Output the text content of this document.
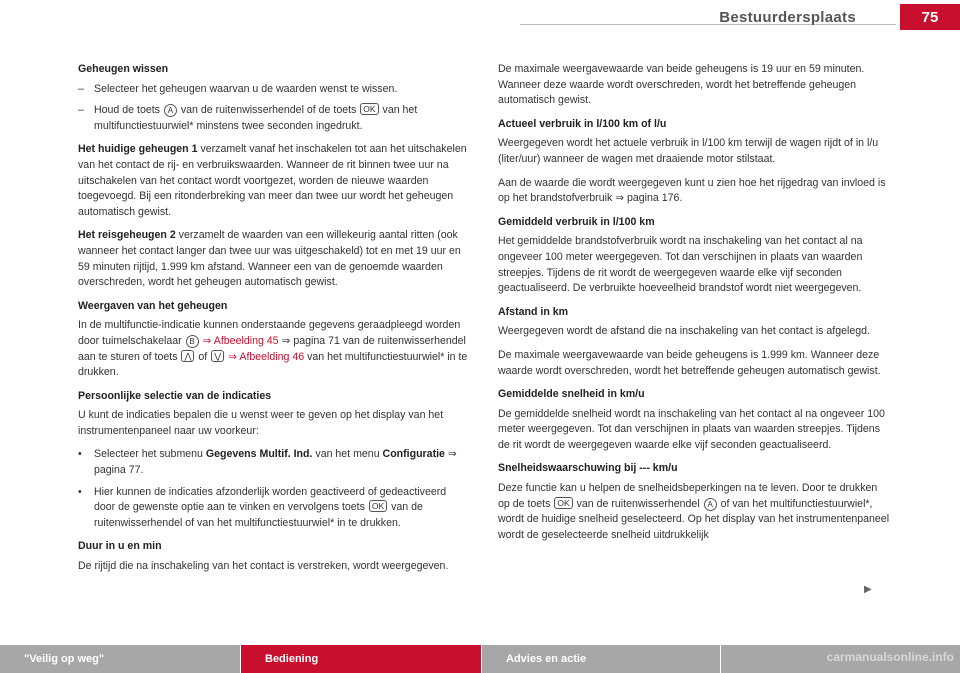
Bestuurdersplaats	75
Geheugen wissen
– Selecteer het geheugen waarvan u de waarden wenst te wissen.
– Houd de toets A van de ruitenwisserhendel of de toets OK van het multifunctiestuurwiel* minstens twee seconden ingedrukt.

Het huidige geheugen 1 verzamelt vanaf het inschakelen tot aan het uitschakelen van het contact de rij- en verbruikswaarden. Wanneer de rit binnen twee uur na uitschakelen van het contact wordt voortgezet, worden de nieuwe waarden toegevoegd. Bij een ritonderbreking van meer dan twee uur wordt het geheugen automatisch gewist.

Het reisgeheugen 2 verzamelt de waarden van een willekeurig aantal ritten (ook wanneer het contact langer dan twee uur was uitgeschakeld) tot en met 19 uur en 59 minuten rijtijd, 1.999 km afstand. Wanneer een van de genoemde waarden overschreden, wordt het geheugen automatisch gewist.

Weergaven van het geheugen

In de multifunctie-indicatie kunnen onderstaande gegevens geraadpleegd worden door tuimelschakelaar B ⇒ Afbeelding 45 ⇒ pagina 71 van de ruitenwisserhendel aan te sturen of toets ⋀ of ⋁ ⇒ Afbeelding 46 van het multifunctiestuurwiel* in te drukken.

Persoonlijke selectie van de indicaties

U kunt de indicaties bepalen die u wenst weer te geven op het display van het instrumentenpaneel naar uw voorkeur:

• Selecteer het submenu Gegevens Multif. Ind. van het menu Configuratie ⇒ pagina 77.
• Hier kunnen de indicaties afzonderlijk worden geactiveerd of gedeactiveerd door de gewenste optie aan te vinken en vervolgens toets OK van de ruitenwisserhendel of van het multifunctiestuurwiel* in te drukken.
Duur in u en min

De rijtijd die na inschakeling van het contact is verstreken, wordt weergegeven.

De maximale weergavewaarde van beide geheugens is 19 uur en 59 minuten. Wanneer deze waarde wordt overschreden, wordt het betreffende geheugen automatisch gewist.

Actueel verbruik in l/100 km of l/u

Weergegeven wordt het actuele verbruik in l/100 km terwijl de wagen rijdt of in l/u (liter/uur) wanneer de wagen met draaiende motor stilstaat.

Aan de waarde die wordt weergegeven kunt u zien hoe het rijgedrag van invloed is op het brandstofverbruik ⇒ pagina 176.

Gemiddeld verbruik in l/100 km

Het gemiddelde brandstofverbruik wordt na inschakeling van het contact al na ongeveer 100 meter weergegeven. Tot dan verschijnen in plaats van waarden streepjes. Tijdens de rit wordt de weergegeven waarde elke vijf seconden geactualiseerd. De verbruikte hoeveelheid brandstof wordt niet weergegeven.

Afstand in km

Weergegeven wordt de afstand die na inschakeling van het contact is afgelegd.

De maximale weergavewaarde van beide geheugens is 1.999 km. Wanneer deze waarde wordt overschreden, wordt het betreffende geheugen automatisch gewist.

Gemiddelde snelheid in km/u

De gemiddelde snelheid wordt na inschakeling van het contact al na ongeveer 100 meter weergegeven. Tot dan verschijnen in plaats van waarden streepjes. Tijdens de rit wordt de weergegeven waarde elke vijf seconden geactualiseerd.

Snelheidswaarschuwing bij --- km/u

Deze functie kan u helpen de snelheidsbeperkingen na te leven. Door te drukken op de toets OK van de ruitenwisserhendel A of van het multifunctiestuurwiel*, wordt de huidige snelheid geselecteerd. Op het display van het instrumentenpaneel wordt de geselecteerde snelheid uitdrukkelijk

▶
"Veilig op weg"	Bediening	Advies en actie	carmanualsonline.info
